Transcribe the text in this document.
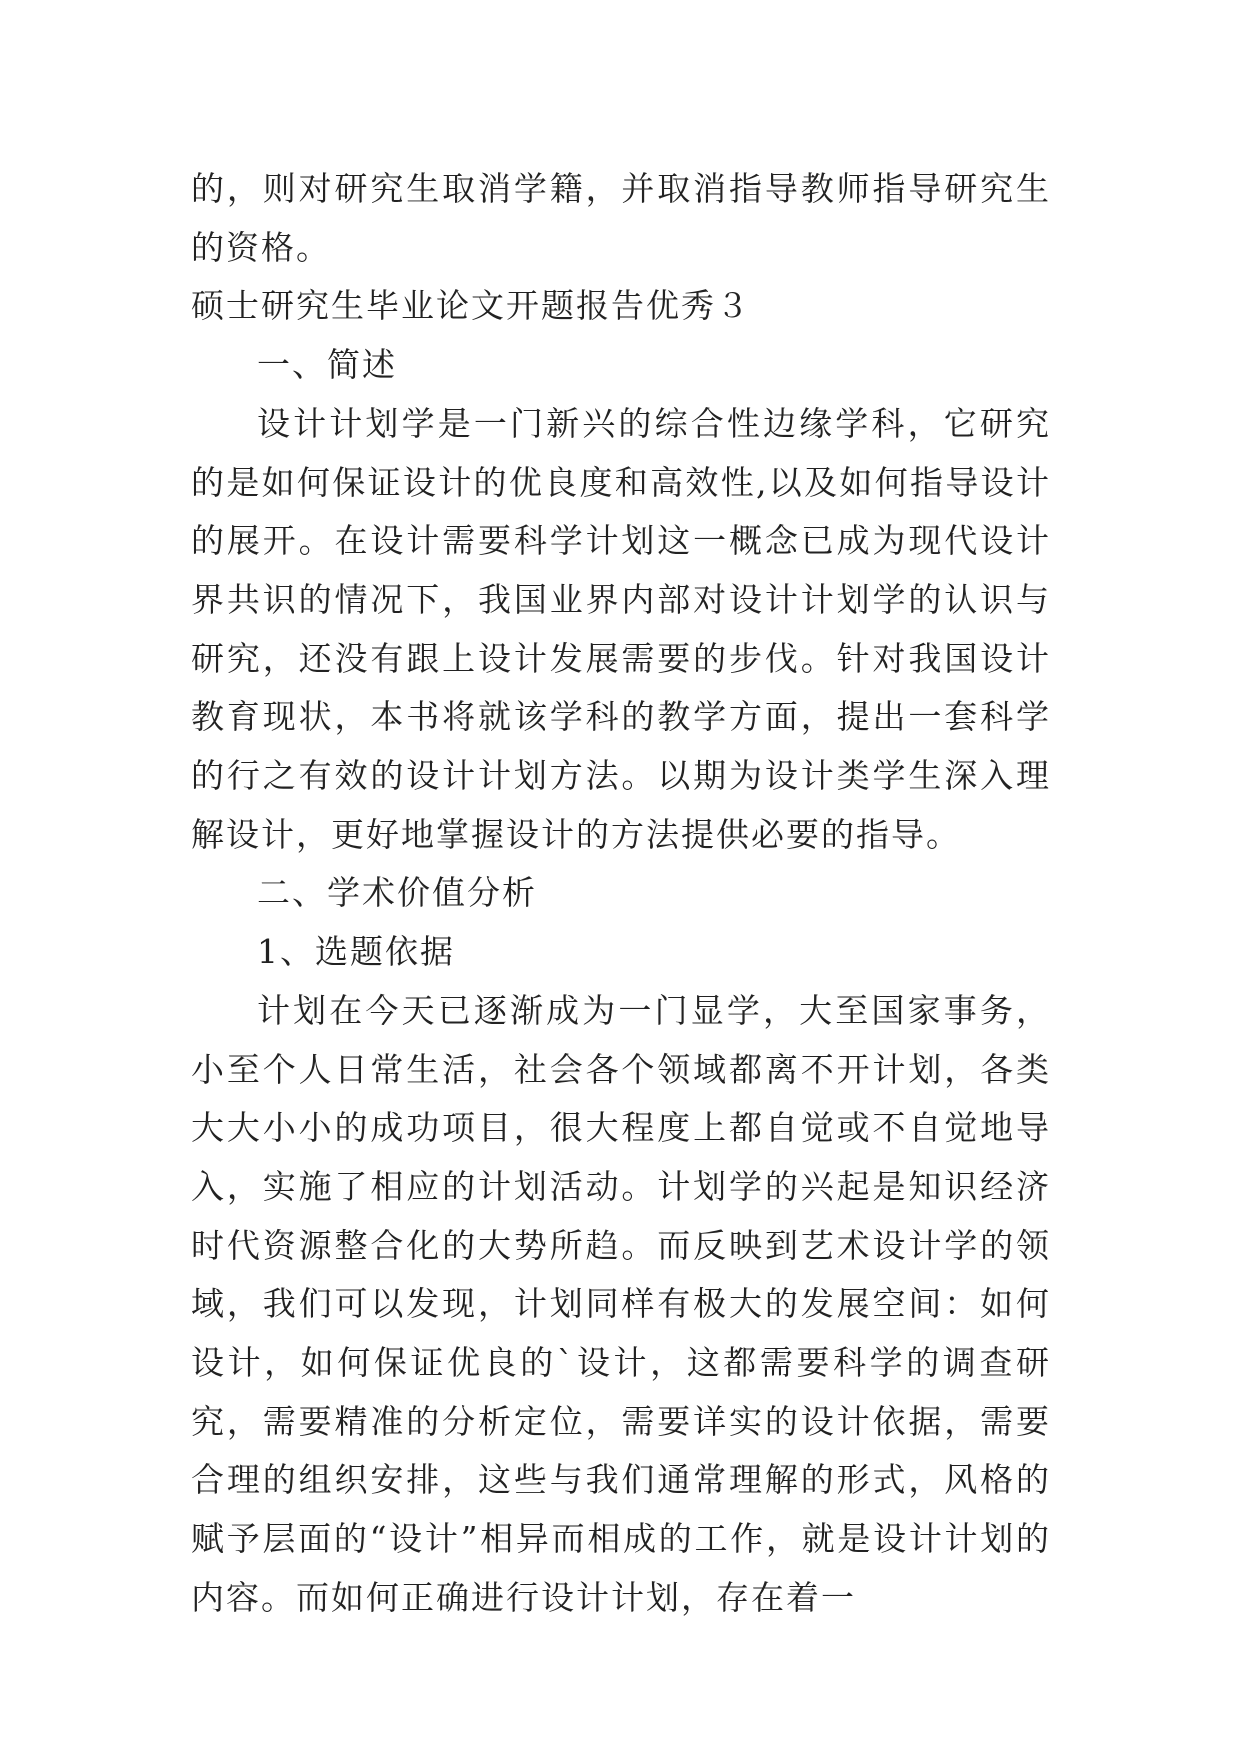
的，则对研究生取消学籍，并取消指导教师指导研究生的资格。

硕士研究生毕业论文开题报告优秀３

一、简述

设计计划学是一门新兴的综合性边缘学科，它研究的是如何保证设计的优良度和高效性,以及如何指导设计的展开。在设计需要科学计划这一概念已成为现代设计界共识的情况下，我国业界内部对设计计划学的认识与研究，还没有跟上设计发展需要的步伐。针对我国设计教育现状，本书将就该学科的教学方面，提出一套科学的行之有效的设计计划方法。以期为设计类学生深入理解设计，更好地掌握设计的方法提供必要的指导。

二、学术价值分析

1、选题依据

计划在今天已逐渐成为一门显学，大至国家事务，小至个人日常生活，社会各个领域都离不开计划，各类大大小小的成功项目，很大程度上都自觉或不自觉地导入，实施了相应的计划活动。计划学的兴起是知识经济时代资源整合化的大势所趋。而反映到艺术设计学的领域，我们可以发现，计划同样有极大的发展空间：如何设计，如何保证优良的`设计，这都需要科学的调查研究，需要精准的分析定位，需要详实的设计依据，需要合理的组织安排，这些与我们通常理解的形式，风格的赋予层面的“设计”相异而相成的工作，就是设计计划的内容。而如何正确进行设计计划，存在着一
